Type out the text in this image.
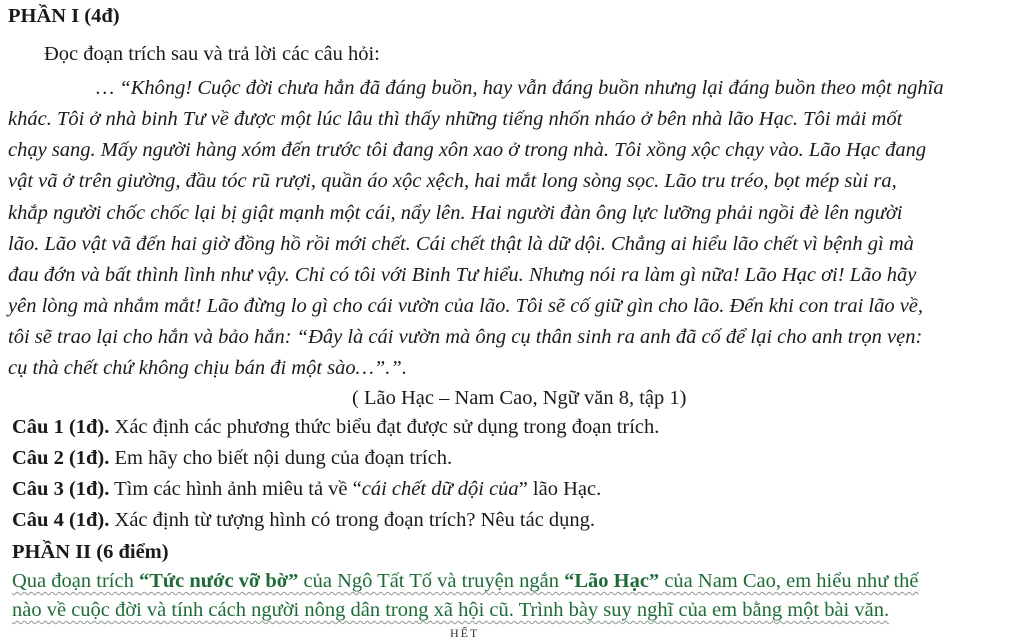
PHẦN I (4đ)
Đọc đoạn trích sau và trả lời các câu hỏi:
… “Không! Cuộc đời chưa hẳn đã đáng buồn, hay vẫn đáng buồn nhưng lại đáng buồn theo một nghĩa
khác. Tôi ở nhà binh Tư về được một lúc lâu thì thấy những tiếng nhốn nháo ở bên nhà lão Hạc. Tôi mải mốt
chạy sang. Mấy người hàng xóm đến trước tôi đang xôn xao ở trong nhà. Tôi xồng xộc chạy vào. Lão Hạc đang
vật vã ở trên giường, đầu tóc rũ rượi, quần áo xộc xệch, hai mắt long sòng sọc. Lão tru tréo, bọt mép sùi ra,
khắp người chốc chốc lại bị giật mạnh một cái, nẩy lên. Hai người đàn ông lực lưỡng phải ngồi đè lên người
lão. Lão vật vã đến hai giờ đồng hồ rồi mới chết. Cái chết thật là dữ dội. Chẳng ai hiểu lão chết vì bệnh gì mà
đau đớn và bất thình lình như vậy. Chỉ có tôi với Binh Tư hiểu. Nhưng nói ra làm gì nữa! Lão Hạc ơi! Lão hãy
yên lòng mà nhắm mắt! Lão đừng lo gì cho cái vườn của lão. Tôi sẽ cố giữ gìn cho lão. Đến khi con trai lão về,
tôi sẽ trao lại cho hắn và bảo hắn: “Đây là cái vườn mà ông cụ thân sinh ra anh đã cố để lại cho anh trọn vẹn:
cụ thà chết chứ không chịu bán đi một sào…”.”.
( Lão Hạc – Nam Cao, Ngữ văn 8, tập 1)
Câu 1 (1đ). Xác định các phương thức biểu đạt được sử dụng trong đoạn trích.
Câu 2 (1đ). Em hãy cho biết nội dung của đoạn trích.
Câu 3 (1đ). Tìm các hình ảnh miêu tả về “cái chết dữ dội của” lão Hạc.
Câu 4 (1đ). Xác định từ tượng hình có trong đoạn trích? Nêu tác dụng.
PHẦN II (6 điểm)
Qua đoạn trích “Tức nước vỡ bờ” của Ngô Tất Tố và truyện ngắn “Lão Hạc” của Nam Cao, em hiểu như thế
nào về cuộc đời và tính cách người nông dân trong xã hội cũ. Trình bày suy nghĩ của em bằng một bài văn.
HẾT
